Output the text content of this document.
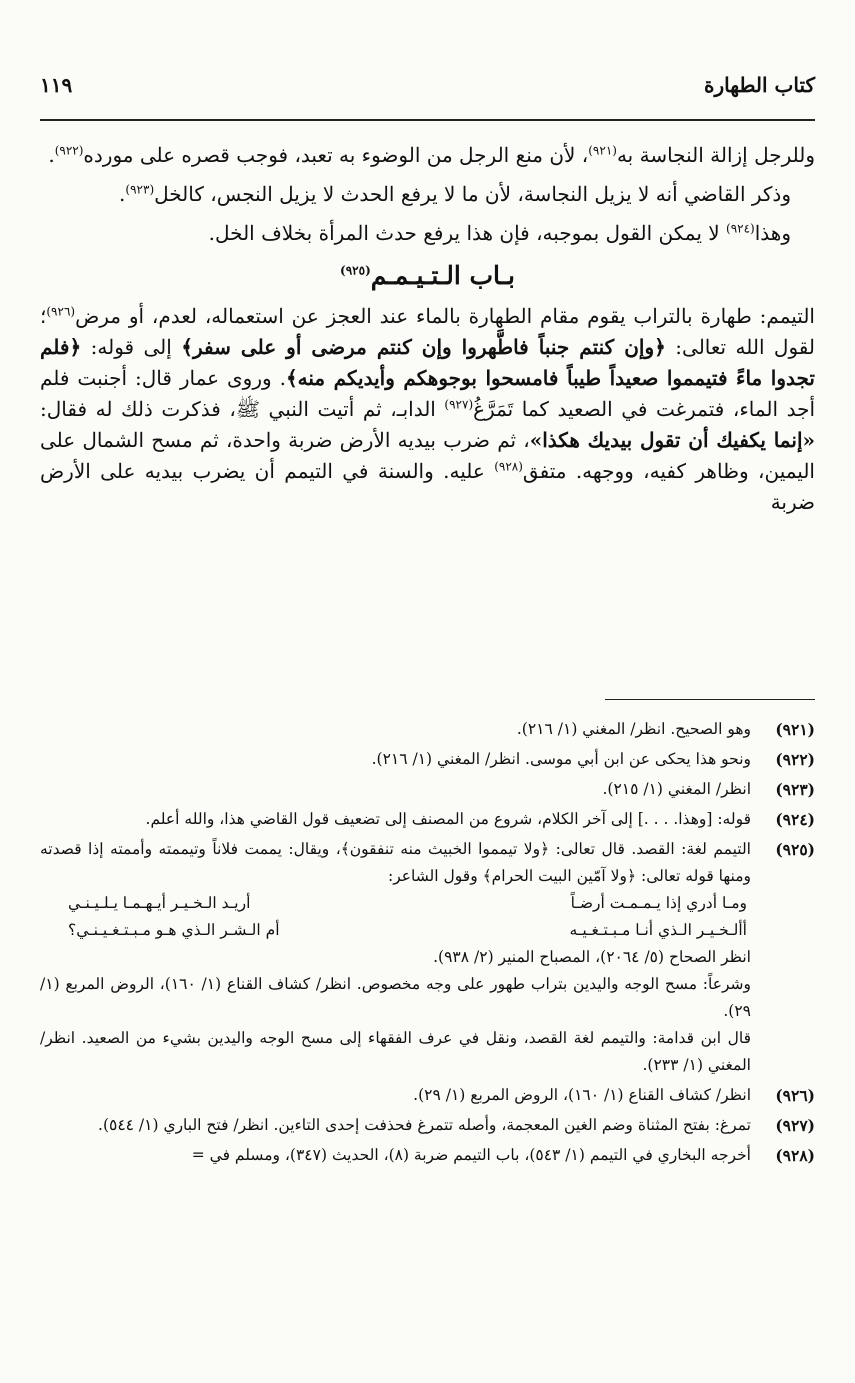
كتاب الطهارة
١١٩

وللرجل إزالة النجاسة به$^{(٩٢١)}$، لأن منع الرجل من الوضوء به تعبد، فوجب قصره على مورده$^{(٩٢٢)}$.

وذكر القاضي أنه لا يزيل النجاسة، لأن ما لا يرفع الحدث لا يزيل النجس، كالخل$^{(٩٢٣)}$.

وهذا$^{(٩٢٤)}$ لا يمكن القول بموجبه، فإن هذا يرفع حدث المرأة بخلاف الخل.

بـاب الـتـيـمـم$^{(٩٢٥)}$

التيمم: طهارة بالتراب يقوم مقام الطهارة بالماء عند العجز عن استعماله، لعدم، أو مرض$^{(٩٢٦)}$؛ لقول الله تعالى: ﴿وإن كنتم جنباً فاطَّهروا وإن كنتم مرضى أو على سفر﴾ إلى قوله: ﴿فلم تجدوا ماءً فتيمموا صعيداً طيباً فامسحوا بوجوهكم وأيديكم منه﴾. وروى عمار قال: أجنبت فلم أجد الماء، فتمرغت في الصعيد كما تَمَرَّغُ$^{(٩٢٧)}$ الدابـ، ثم أتيت النبي ﷺ، فذكرت ذلك له فقال: «إنما يكفيك أن تقول بيديك هكذا»، ثم ضرب بيديه الأرض ضربة واحدة، ثم مسح الشمال على اليمين، وظاهر كفيه، ووجهه. متفق$^{(٩٢٨)}$ عليه. والسنة في التيمم أن يضرب بيديه على الأرض ضربة

(٩٢١)
وهو الصحيح. انظر/ المغني (١/ ٢١٦).
(٩٢٢)
ونحو هذا يحكى عن ابن أبي موسى. انظر/ المغني (١/ ٢١٦).
(٩٢٣)
انظر/ المغني (١/ ٢١٥).
(٩٢٤)
قوله: [وهذا. . . .] إلى آخر الكلام، شروع من المصنف إلى تضعيف قول القاضي هذا، والله أعلم.
(٩٢٥)

التيمم لغة: القصد. قال تعالى: ﴿ولا تيمموا الخبيث منه تنفقون﴾، ويقال: يممت فلاناً وتيممته وأممته إذا قصدته ومنها قوله تعالى: ﴿ولا آمّين البيت الحرام﴾ وقول الشاعر:

ومـا أدري إذا يـمـمـت أرضـاً
أريـد الـخـيـر أيـهـمـا يـلـيـنـي
أألـخـيـر الـذي أنـا مـبـتـغـيـه
أم الـشـر الـذي هـو مـبـتـغـيـنـي؟

انظر الصحاح (٥/ ٢٠٦٤)، المصباح المنير (٢/ ٩٣٨).

وشرعاً: مسح الوجه واليدين بتراب طهور على وجه مخصوص. انظر/ كشاف القناع (١/ ١٦٠)، الروض المربع (١/ ٢٩).

قال ابن قدامة: والتيمم لغة القصد، ونقل في عرف الفقهاء إلى مسح الوجه واليدين بشيء من الصعيد. انظر/ المغني (١/ ٢٣٣).

(٩٢٦)
انظر/ كشاف القناع (١/ ١٦٠)، الروض المربع (١/ ٢٩).
(٩٢٧)
تمرغ: بفتح المثناة وضم الغين المعجمة، وأصله تتمرغ فحذفت إحدى التاءين. انظر/ فتح الباري (١/ ٥٤٤).
(٩٢٨)
أخرجه البخاري في التيمم (١/ ٥٤٣)، باب التيمم ضربة (٨)، الحديث (٣٤٧)، ومسلم في =
